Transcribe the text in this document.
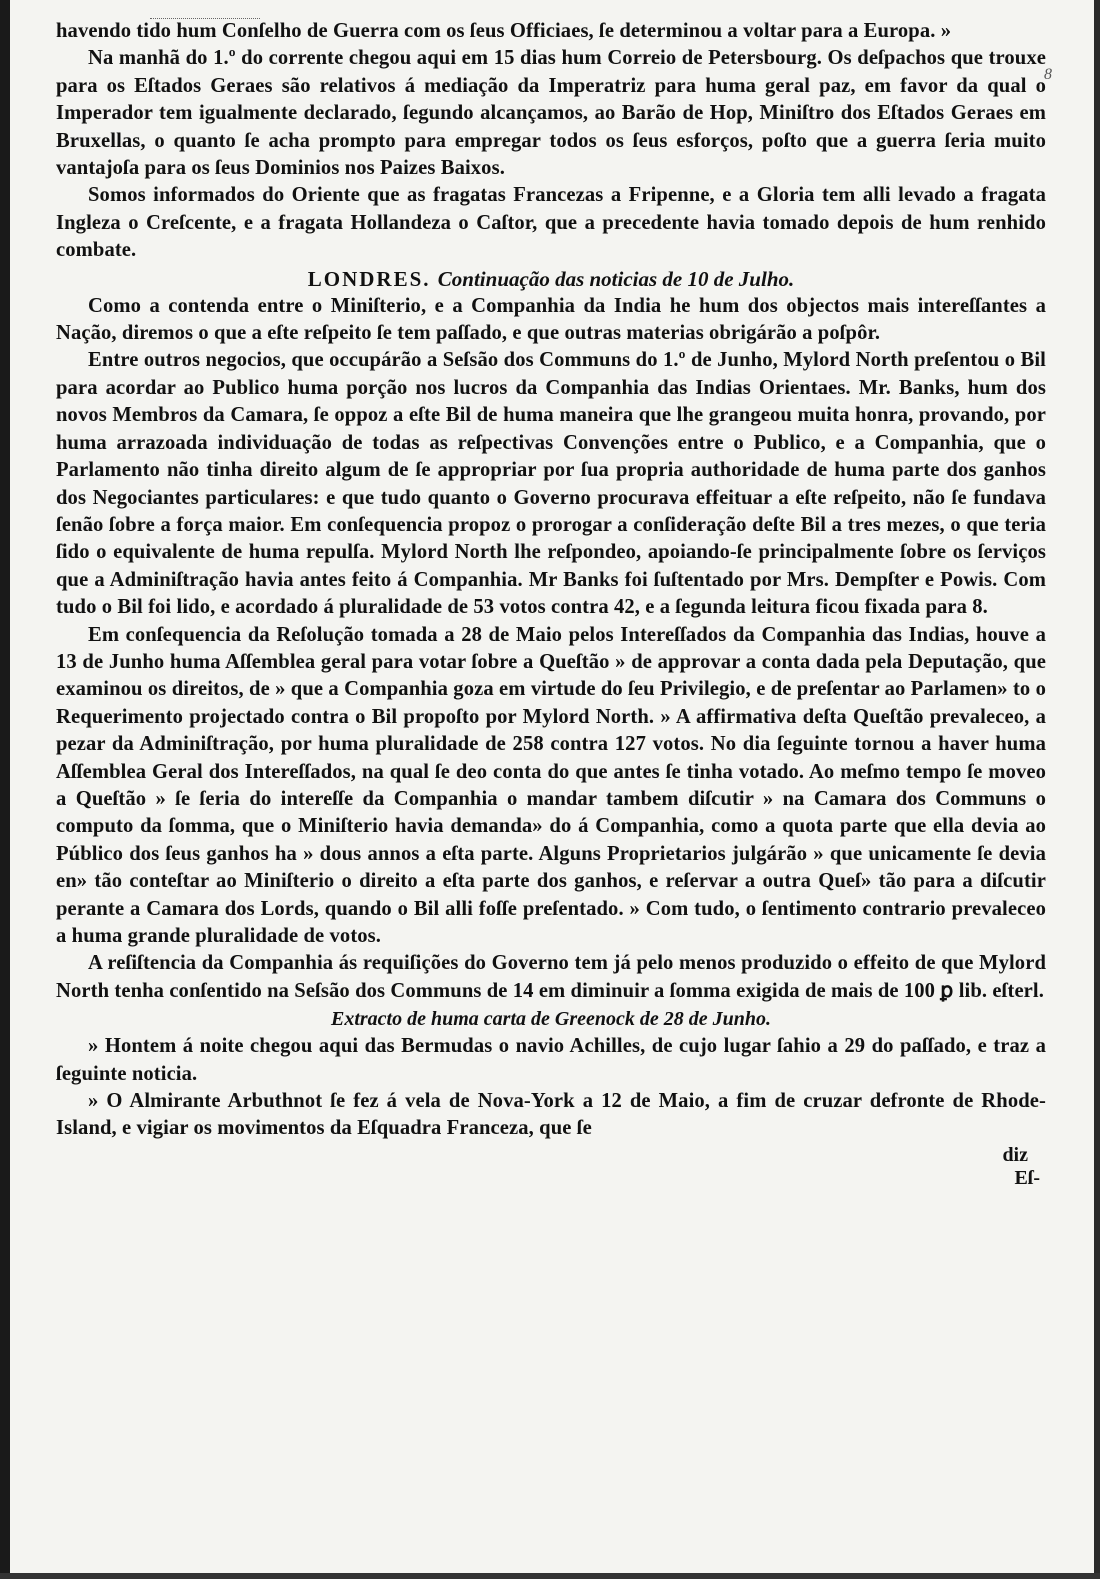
8

havendo tido hum Conſelho de Guerra com os ſeus Officiaes, ſe determinou a voltar para a Europa. »

Na manhã do 1.º do corrente chegou aqui em 15 dias hum Correio de Petersbourg. Os deſpachos que trouxe para os Eſtados Geraes são relativos á mediação da Imperatriz para huma geral paz, em favor da qual o Imperador tem igualmente declarado, ſegundo alcançamos, ao Barão de Hop, Miniſtro dos Eſtados Geraes em Bruxellas, o quanto ſe acha prompto para empregar todos os ſeus esforços, poſto que a guerra ſeria muito vantajoſa para os ſeus Dominios nos Paizes Baixos.

Somos informados do Oriente que as fragatas Francezas a Fripenne, e a Gloria tem alli levado a fragata Ingleza o Creſcente, e a fragata Hollandeza o Caſtor, que a precedente havia tomado depois de hum renhido combate.

LONDRES. Continuação das noticias de 10 de Julho.

Como a contenda entre o Miniſterio, e a Companhia da India he hum dos objectos mais intereſſantes a Nação, diremos o que a eſte reſpeito ſe tem paſſado, e que outras materias obrigárão a poſpôr.

Entre outros negocios, que occupárão a Seſsão dos Communs do 1.º de Junho, Mylord North preſentou o Bil para acordar ao Publico huma porção nos lucros da Companhia das Indias Orientaes. Mr. Banks, hum dos novos Membros da Camara, ſe oppoz a eſte Bil de huma maneira que lhe grangeou muita honra, provando, por huma arrazoada individuação de todas as reſpectivas Convenções entre o Publico, e a Companhia, que o Parlamento não tinha direito algum de ſe appropriar por ſua propria authoridade de huma parte dos ganhos dos Negociantes particulares: e que tudo quanto o Governo procurava effeituar a eſte reſpeito, não ſe fundava ſenão ſobre a força maior. Em conſequencia propoz o prorogar a conſideração deſte Bil a tres mezes, o que teria ſido o equivalente de huma repulſa. Mylord North lhe reſpondeo, apoiando-ſe principalmente ſobre os ſerviços que a Adminiſtração havia antes feito á Companhia. Mr Banks foi ſuſtentado por Mrs. Dempſter e Powis. Com tudo o Bil foi lido, e acordado á pluralidade de 53 votos contra 42, e a ſegunda leitura ficou fixada para 8.

Em conſequencia da Reſolução tomada a 28 de Maio pelos Intereſſados da Companhia das Indias, houve a 13 de Junho huma Aſſemblea geral para votar ſobre a Queſtão » de approvar a conta dada pela Deputação, que examinou os direitos, de » que a Companhia goza em virtude do ſeu Privilegio, e de preſentar ao Parlamen» to o Requerimento projectado contra o Bil propoſto por Mylord North. » A affirmativa deſta Queſtão prevaleceo, a pezar da Adminiſtração, por huma pluralidade de 258 contra 127 votos. No dia ſeguinte tornou a haver huma Aſſemblea Geral dos Intereſſados, na qual ſe deo conta do que antes ſe tinha votado. Ao meſmo tempo ſe moveo a Queſtão » ſe ſeria do intereſſe da Companhia o mandar tambem diſcutir » na Camara dos Communs o computo da ſomma, que o Miniſterio havia demanda» do á Companhia, como a quota parte que ella devia ao Público dos ſeus ganhos ha » dous annos a eſta parte. Alguns Proprietarios julgárão » que unicamente ſe devia en» tão conteſtar ao Miniſterio o direito a eſta parte dos ganhos, e reſervar a outra Queſ» tão para a diſcutir perante a Camara dos Lords, quando o Bil alli foſſe preſentado. » Com tudo, o ſentimento contrario prevaleceo a huma grande pluralidade de votos.

A reſiſtencia da Companhia ás requiſições do Governo tem já pelo menos produzido o effeito de que Mylord North tenha conſentido na Seſsão dos Communs de 14 em diminuir a ſomma exigida de mais de 100 ꝑ lib. eſterl.

Extracto de huma carta de Greenock de 28 de Junho.

» Hontem á noite chegou aqui das Bermudas o navio Achilles, de cujo lugar ſahio a 29 do paſſado, e traz a ſeguinte noticia.

» O Almirante Arbuthnot ſe fez á vela de Nova-York a 12 de Maio, a fim de cruzar defronte de Rhode-Island, e vigiar os movimentos da Eſquadra Franceza, que ſe

diz
Eſ-
